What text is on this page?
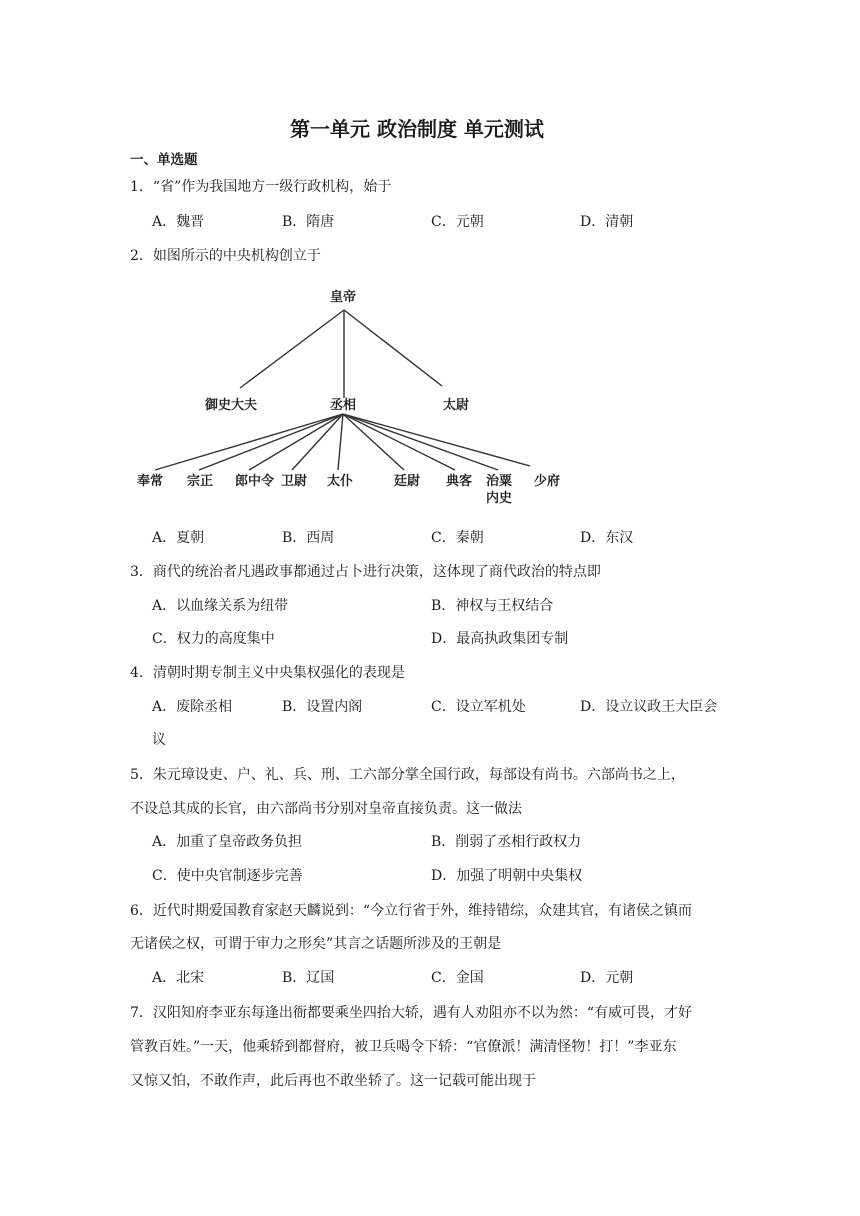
第一单元 政治制度 单元测试
一、单选题
1．“省”作为我国地方一级行政机构，始于
A．魏晋	B．隋唐	C．元朝	D．清朝
2．如图所示的中央机构创立于
皇帝
御史大夫	丞相	太尉
奉常 宗正 郎中令 卫尉 太仆	廷尉 典客 治粟
内史
少府
A．夏朝	B．西周	C．秦朝	D．东汉
3．商代的统治者凡遇政事都通过占卜进行决策，这体现了商代政治的特点即
A．以血缘关系为纽带	B．神权与王权结合
C．权力的高度集中	D．最高执政集团专制
4．清朝时期专制主义中央集权强化的表现是
A．废除丞相	B．设置内阁	C．设立军机处	D．设立议政王大臣会
议
5．朱元璋设吏、户、礼、兵、刑、工六部分掌全国行政，每部设有尚书。六部尚书之上，
不设总其成的长官，由六部尚书分别对皇帝直接负责。这一做法
A．加重了皇帝政务负担	B．削弱了丞相行政权力
C．使中央官制逐步完善	D．加强了明朝中央集权
6．近代时期爱国教育家赵天麟说到：“今立行省于外，维持错综，众建其官，有诸侯之镇而
无诸侯之权，可谓于审力之形矣”其言之话题所涉及的王朝是
A．北宋	B．辽国	C．金国	D．元朝
7．汉阳知府李亚东每逢出衙都要乘坐四抬大轿，遇有人劝阻亦不以为然：“有威可畏，才好
管教百姓。”一天，他乘轿到都督府，被卫兵喝令下轿：“官僚派！满清怪物！打！”李亚东
又惊又怕，不敢作声，此后再也不敢坐轿了。这一记载可能出现于
